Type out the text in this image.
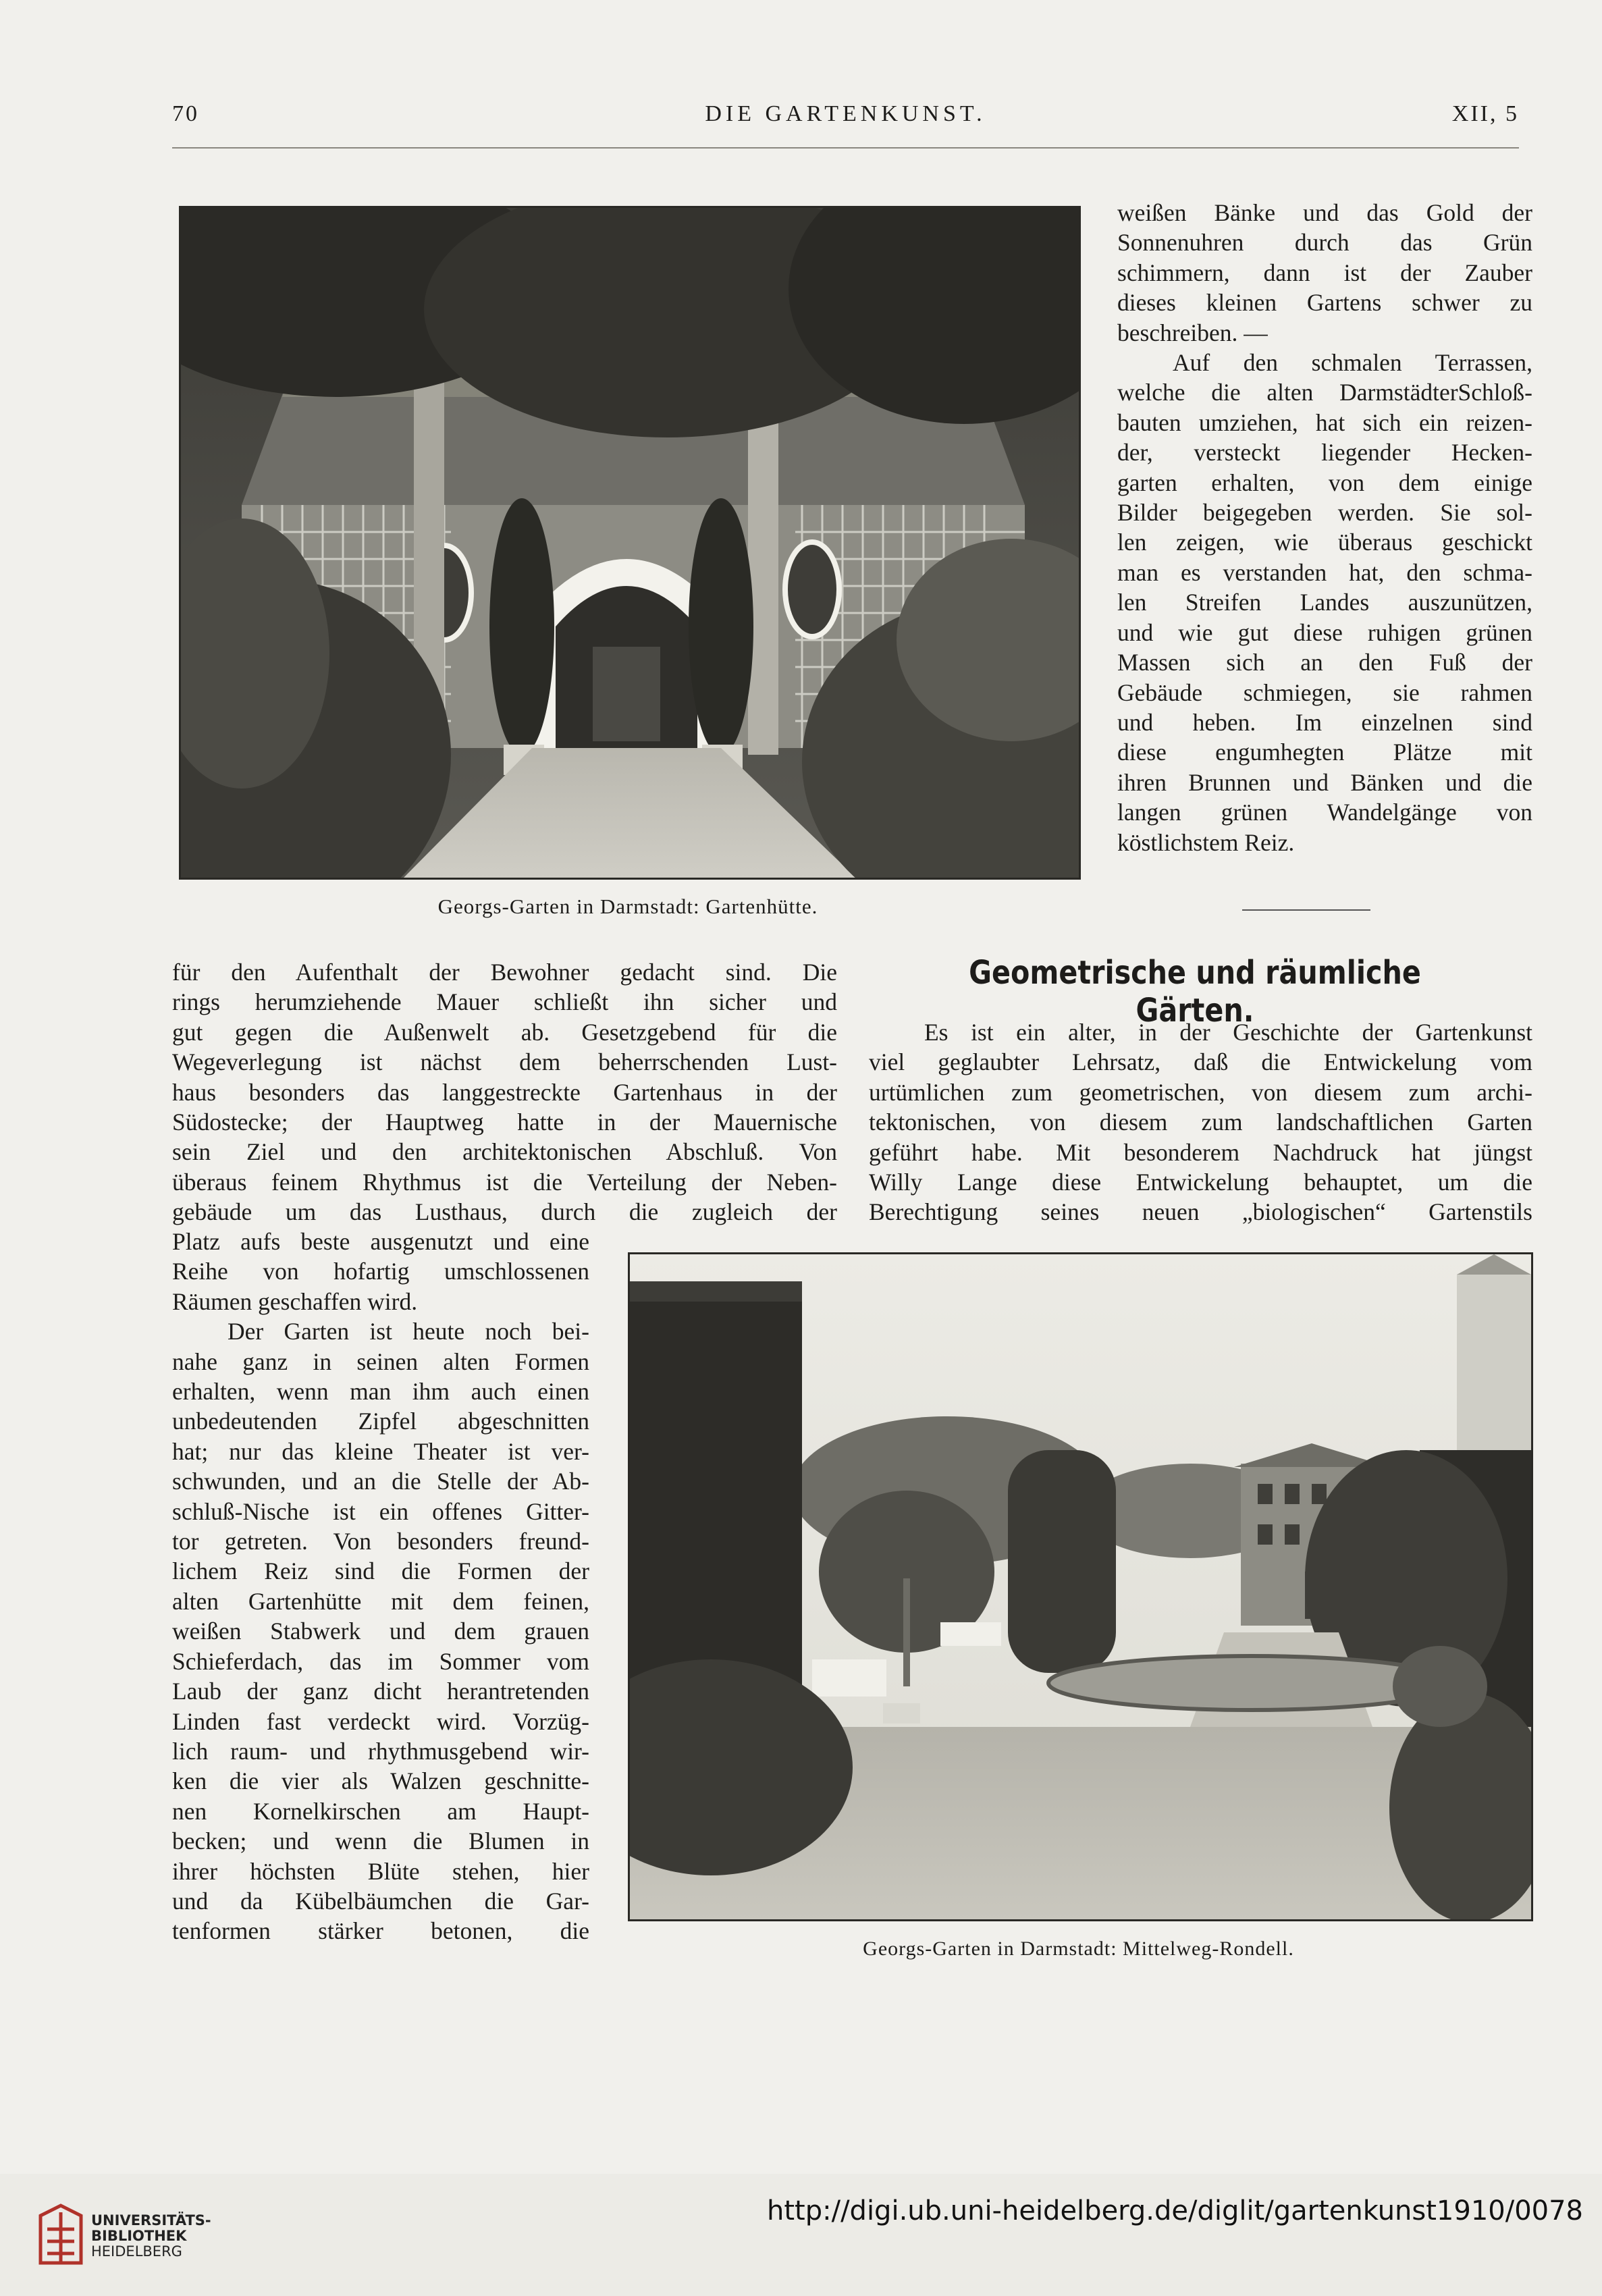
70	DIE GARTENKUNST.	XII, 5
Georgs-Garten in Darmstadt: Gartenhütte.
weißen Bänke und das Gold der
Sonnenuhren durch das Grün
schimmern, dann ist der Zauber
dieses kleinen Gartens schwer zu
beschreiben. —
Auf den schmalen Terrassen,
welche die alten DarmstädterSchloß-
bauten umziehen, hat sich ein reizen-
der, versteckt liegender Hecken-
garten erhalten, von dem einige
Bilder beigegeben werden. Sie sol-
len zeigen, wie überaus geschickt
man es verstanden hat, den schma-
len Streifen Landes auszunützen,
und wie gut diese ruhigen grünen
Massen sich an den Fuß der
Gebäude schmiegen, sie rahmen
und heben. Im einzelnen sind
diese engumhegten Plätze mit
ihren Brunnen und Bänken und die
langen grünen Wandelgänge von
köstlichstem Reiz.
für den Aufenthalt der Bewohner gedacht sind. Die
rings herumziehende Mauer schließt ihn sicher und
gut gegen die Außenwelt ab. Gesetzgebend für die
Wegeverlegung ist nächst dem beherrschenden Lust-
haus besonders das langgestreckte Gartenhaus in der
Südostecke; der Hauptweg hatte in der Mauernische
sein Ziel und den architektonischen Abschluß. Von
überaus feinem Rhythmus ist die Verteilung der Neben-
gebäude um das Lusthaus, durch die zugleich der
Platz aufs beste ausgenutzt und eine
Reihe von hofartig umschlossenen
Räumen geschaffen wird.
Der Garten ist heute noch bei-
nahe ganz in seinen alten Formen
erhalten, wenn man ihm auch einen
unbedeutenden Zipfel abgeschnitten
hat; nur das kleine Theater ist ver-
schwunden, und an die Stelle der Ab-
schluß-Nische ist ein offenes Gitter-
tor getreten. Von besonders freund-
lichem Reiz sind die Formen der
alten Gartenhütte mit dem feinen,
weißen Stabwerk und dem grauen
Schieferdach, das im Sommer vom
Laub der ganz dicht herantretenden
Linden fast verdeckt wird. Vorzüg-
lich raum- und rhythmusgebend wir-
ken die vier als Walzen geschnitte-
nen Kornelkirschen am Haupt-
becken; und wenn die Blumen in
ihrer höchsten Blüte stehen, hier
und da Kübelbäumchen die Gar-
tenformen stärker betonen, die
Geometrische und räumliche Gärten.
Es ist ein alter, in der Geschichte der Gartenkunst
viel geglaubter Lehrsatz, daß die Entwickelung vom
urtümlichen zum geometrischen, von diesem zum archi-
tektonischen, von diesem zum landschaftlichen Garten
geführt habe. Mit besonderem Nachdruck hat jüngst
Willy Lange diese Entwickelung behauptet, um die
Berechtigung seines neuen „biologischen“ Gartenstils
Georgs-Garten in Darmstadt: Mittelweg-Rondell.
UNIVERSITÄTS-
BIBLIOTHEK
HEIDELBERG
http://digi.ub.uni-heidelberg.de/diglit/gartenkunst1910/0078
